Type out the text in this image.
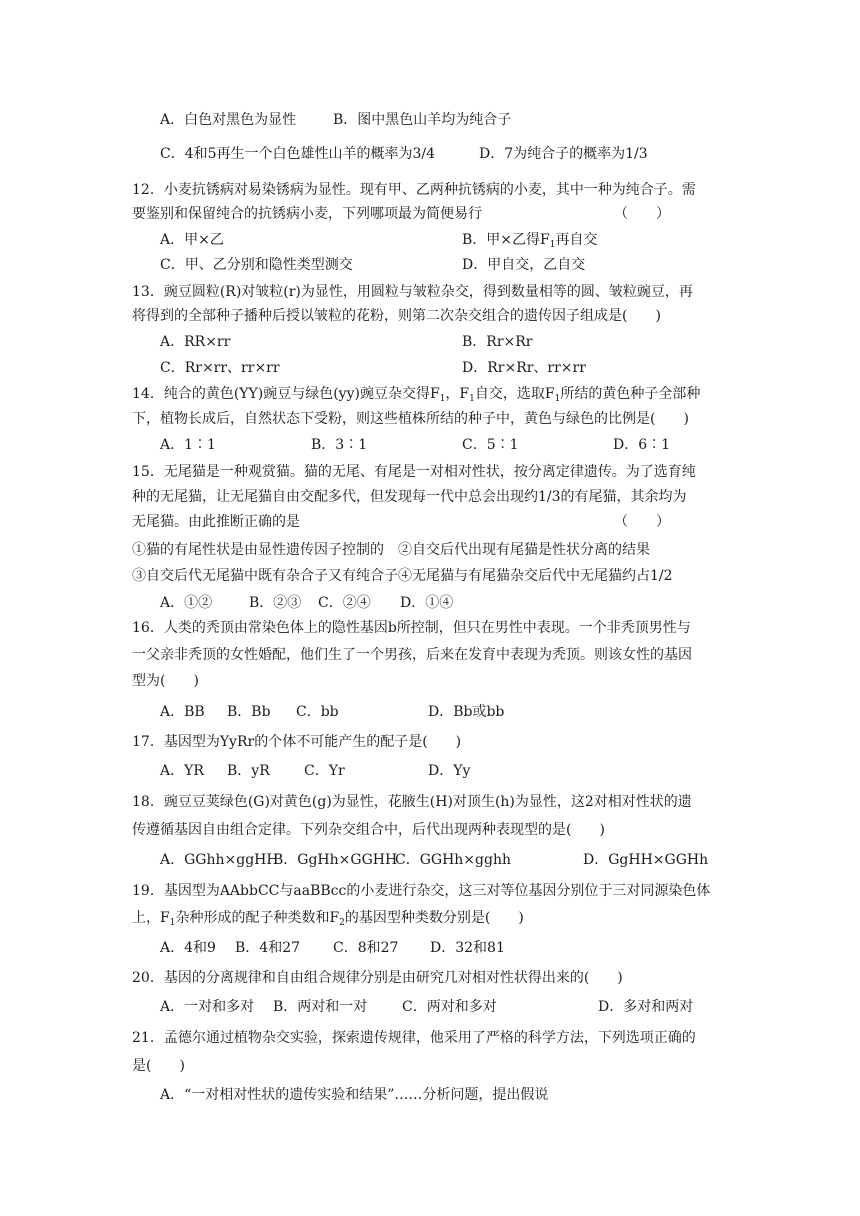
A．白色对黑色为显性	B．图中黑色山羊均为纯合子
C．4和5再生一个白色雄性山羊的概率为3/4	D．7为纯合子的概率为1/3
12．小麦抗锈病对易染锈病为显性。现有甲、乙两种抗锈病的小麦，其中一种为纯合子。需
要鉴别和保留纯合的抗锈病小麦，下列哪项最为简便易行	（　　）
A．甲×乙	B．甲×乙得$F_1$再自交
C．甲、乙分别和隐性类型测交	D．甲自交，乙自交
13．豌豆圆粒(R)对皱粒(r)为显性，用圆粒与皱粒杂交，得到数量相等的圆、皱粒豌豆，再
将得到的全部种子播种后授以皱粒的花粉，则第二次杂交组合的遗传因子组成是(　　)
A．RR×rr	B．Rr×Rr
C．Rr×rr、rr×rr	D．Rr×Rr、rr×rr
14．纯合的黄色(YY)豌豆与绿色(yy)豌豆杂交得$F_1$，$F_1$自交，选取$F_1$所结的黄色种子全部种
下，植物长成后，自然状态下受粉，则这些植株所结的种子中，黄色与绿色的比例是(　　)
A．1∶1	B．3∶1	C．5∶1	D．6∶1
15．无尾猫是一种观赏猫。猫的无尾、有尾是一对相对性状，按分离定律遗传。为了选育纯
种的无尾猫，让无尾猫自由交配多代，但发现每一代中总会出现约1/3的有尾猫，其余均为
无尾猫。由此推断正确的是	（　　）
①猫的有尾性状是由显性遗传因子控制的　②自交后代出现有尾猫是性状分离的结果
③自交后代无尾猫中既有杂合子又有纯合子④无尾猫与有尾猫杂交后代中无尾猫约占1/2
A．①②	B．②③ C．②④ D．①④
16．人类的秃顶由常染色体上的隐性基因b所控制，但只在男性中表现。一个非秃顶男性与
一父亲非秃顶的女性婚配，他们生了一个男孩，后来在发育中表现为秃顶。则该女性的基因
型为(　　)
A．BB B．Bb C．bb	D．Bb或bb
17．基因型为YyRr的个体不可能产生的配子是(　　)
A．YR B．yR C．Yr	D．Yy
18．豌豆豆荚绿色(G)对黄色(g)为显性，花腋生(H)对顶生(h)为显性，这2对相对性状的遗
传遵循基因自由组合定律。下列杂交组合中，后代出现两种表现型的是(　　)
A．GGhh×ggHH
B．GgHh×GGHH
C．GGHh×gghh	D．GgHH×GGHh
19．基因型为AAbbCC与aaBBcc的小麦进行杂交，这三对等位基因分别位于三对同源染色体
上，$F_1$杂种形成的配子种类数和$F_2$的基因型种类数分别是(　　)
A．4和9 B．4和27 C．8和27 D．32和81
20．基因的分离规律和自由组合规律分别是由研究几对相对性状得出来的(　　)
A．一对和多对 B．两对和一对 C．两对和多对	D．多对和两对
21．孟德尔通过植物杂交实验，探索遗传规律，他采用了严格的科学方法，下列选项正确的
是(　　)
A．“一对相对性状的遗传实验和结果”……分析问题，提出假说
